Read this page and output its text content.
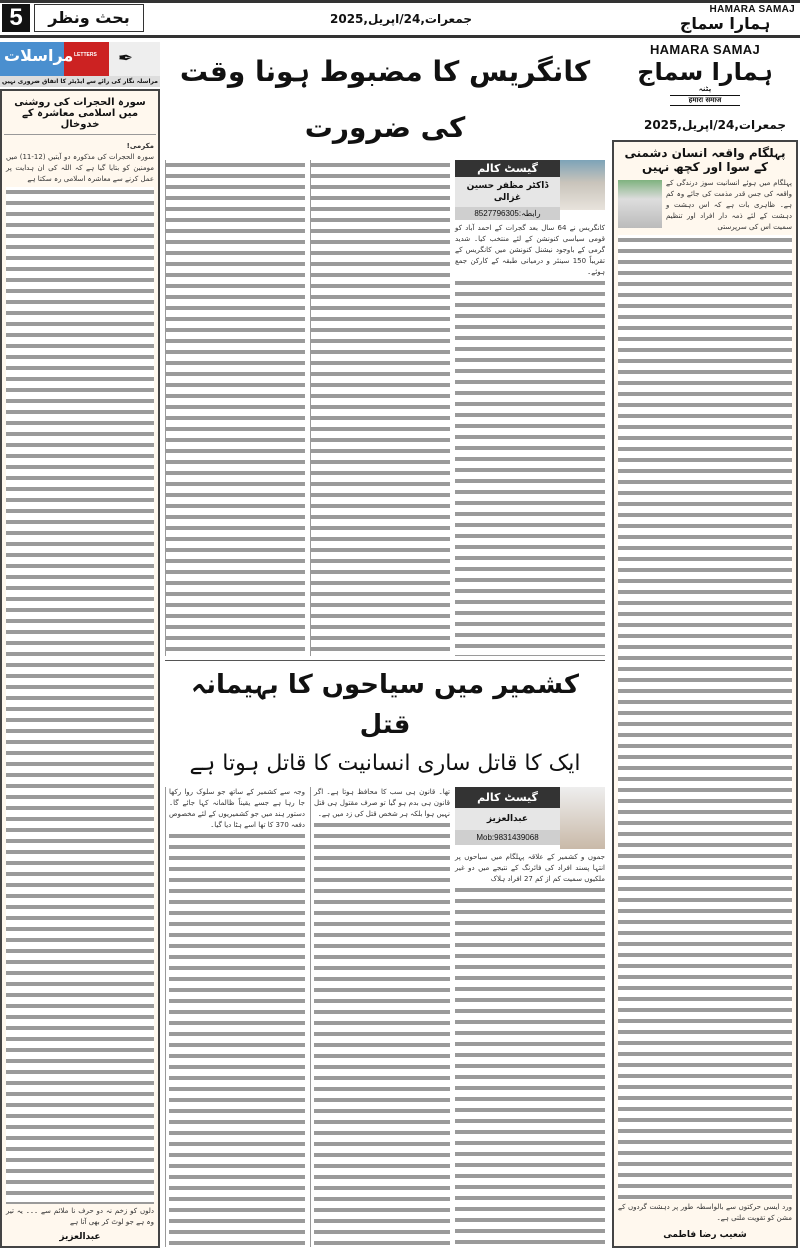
5	بحث ونظر	جمعرات,24/اپریل,2025
HAMARA SAMAJ
ہمارا سماج
مراسلات LETTERS ✒
مراسلہ نگار کی رائے سے ایڈیٹر کا اتفاق ضروری نہیں
سورہ الحجرات کی روشنی میں اسلامی معاشرہ کے خدوخال
مکرمی!
سورہ الحجرات کی مذکورہ دو آیتیں (12-11) میں مومنین کو بتایا گیا ہے کہ اللہ کی ان ہدایت پر عمل کرنے سے معاشرہ اسلامی رہ سکتا ہے
دلوں کو زخم نہ دو حرف نا ملائم سے ۔۔۔ یہ تیر وہ ہے جو لوٹ کر بھی آتا ہے
عبدالعزیز
کانگریس کا مضبوط ہونا وقت کی ضرورت
گیسٹ کالم
ڈاکٹر مظفر حسین غزالی
رابطہ:8527796305
کانگریس نے 64 سال بعد گجرات کے احمد آباد کو قومی سیاسی کنونشن کے لئے منتخب کیا۔ شدید گرمی کے باوجود نیشنل کنونشن میں کانگریس کے تقریباً 150 سینئر و درمیانی طبقہ کے کارکن جمع ہوئے۔
کشمیر میں سیاحوں کا بہیمانہ قتل
ایک کا قاتل ساری انسانیت کا قاتل ہوتا ہے
گیسٹ کالم
عبدالعزیز
Mob:9831439068
جموں و کشمیر کے علاقہ پہلگام میں سیاحوں پر انتہا پسند افراد کی فائرنگ کے نتیجے میں دو غیر ملکیوں سمیت کم از کم 27 افراد ہلاک
تھا۔ قانون ہی سب کا محافظ ہوتا ہے۔ اگر قانون ہی بدم ہو گیا تو صرف مقتول ہی قتل نہیں ہوا بلکہ ہر شخص قتل کی زد میں ہے۔
وجہ سے کشمیر کے ساتھ جو سلوک روا رکھا جا رہا ہے جسے یقیناً ظالمانہ کہا جائے گا۔ دستور ہند میں جو کشمیریوں کے لئے مخصوص دفعہ 370 کا تھا اسے ہٹا دیا گیا۔
HAMARA SAMAJ
ہمارا سماج
پٹنہ
हमारा समाज
جمعرات,24/اپریل,2025
پہلگام واقعہ انسان دشمنی کے سوا اور کچھ نہیں
پہلگام میں ہوئے انسانیت سوز درندگی کے واقعہ کی جس قدر مذمت کی جائے وہ کم ہے۔ ظاہری بات ہے کہ اس دہشت و دہشت کے لئے ذمہ دار افراد اور تنظیم سمیت اس کی سرپرستی
ورد ایسی حرکتوں سے بالواسطہ طور پر دہشت گردوں کے مشن کو تقویت ملتی ہے۔
شعیب رضا فاطمی
